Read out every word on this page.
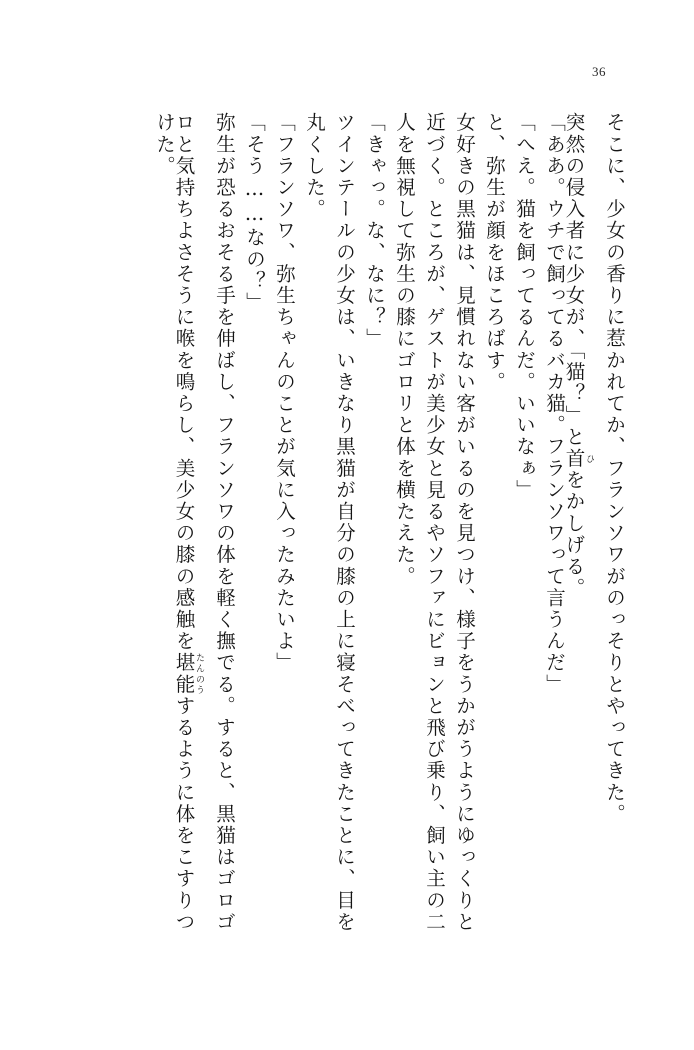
36
そこに、少女の香りに惹かれてか、フランソワがのっそりとやってきた。
突然の侵入者に少女が、「猫？」と首ひをかしげる。
「ああ。ウチで飼ってるバカ猫。フランソワって言うんだ」
「へえ。猫を飼ってるんだ。いいなぁ」
と、弥生が顔をほころばす。
女好きの黒猫は、見慣れない客がいるのを見つけ、様子をうかがうようにゆっくりと
近づく。ところが、ゲストが美少女と見るやソファにビョンと飛び乗り、飼い主の二
人を無視して弥生の膝にゴロリと体を横たえた。
「きゃっ。な、なに？」
ツインテールの少女は、いきなり黒猫が自分の膝の上に寝そべってきたことに、目を
丸くした。
「フランソワ、弥生ちゃんのことが気に入ったみたいよ」
「そう……なの？」
弥生が恐るおそる手を伸ばし、フランソワの体を軽く撫でる。すると、黒猫はゴロゴ
ロと気持ちよさそうに喉を鳴らし、美少女の膝の感触を堪能たんのうするように体をこすりつ
けた。
